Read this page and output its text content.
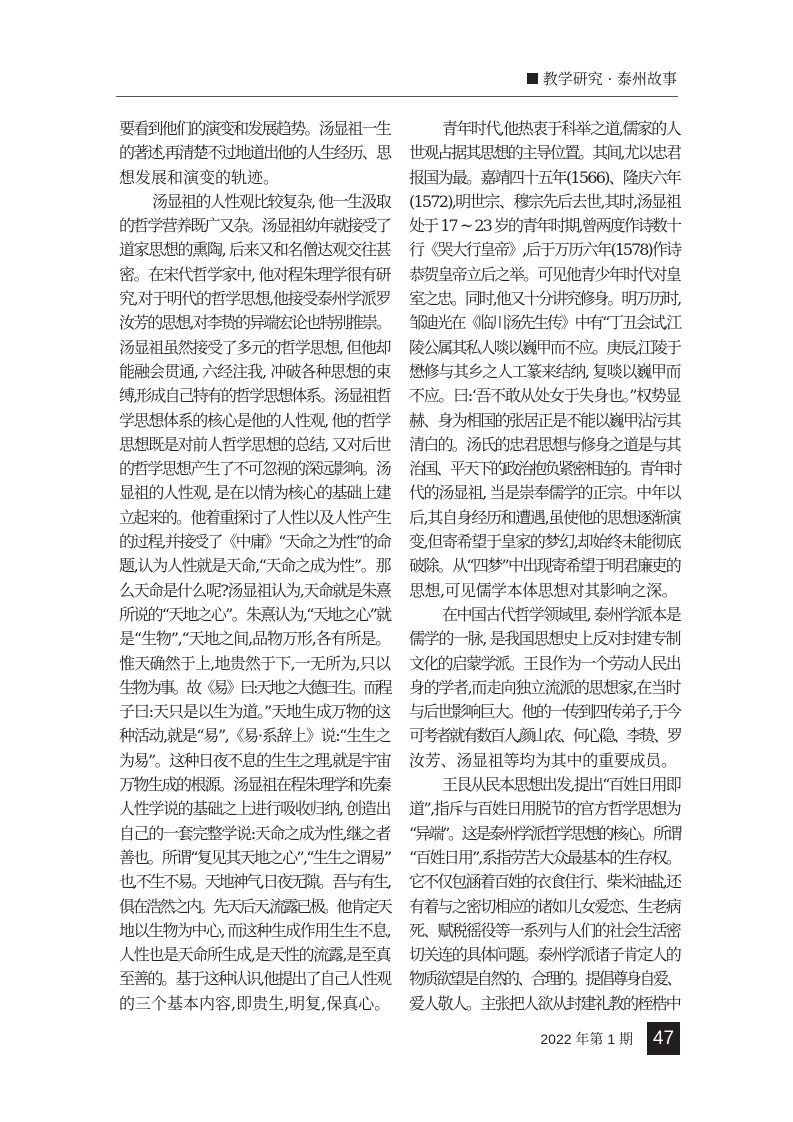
教学研究 · 泰州故事
要看到他们的演变和发展趋势。汤显祖一生
的著述,再清楚不过地道出他的人生经历、思
想发展和演变的轨迹。
汤显祖的人性观比较复杂, 他一生汲取
的哲学营养既广又杂。汤显祖幼年就接受了
道家思想的熏陶, 后来又和名僧达观交往甚
密。在宋代哲学家中, 他对程朱理学很有研
究,对于明代的哲学思想,他接受泰州学派罗
汝芳的思想,对李贽的异端宏论也特别推崇。
汤显祖虽然接受了多元的哲学思想, 但他却
能融会贯通, 六经注我, 冲破各种思想的束
缚,形成自己特有的哲学思想体系。汤显祖哲
学思想体系的核心是他的人性观, 他的哲学
思想既是对前人哲学思想的总结, 又对后世
的哲学思想产生了不可忽视的深远影响。汤
显祖的人性观, 是在以情为核心的基础上建
立起来的。他着重探讨了人性以及人性产生
的过程,并接受了《中庸》“天命之为性”的命
题,认为人性就是天命,“天命之成为性”。那
么天命是什么呢?汤显祖认为,天命就是朱熹
所说的“天地之心”。朱熹认为,“天地之心”就
是“生物”,“天地之间,品物万形,各有所是。
惟天确然于上,地贵然于下,一无所为,只以
生物为事。故《易》曰:天地之大德曰生。而程
子曰:天只是以生为道。”天地生成万物的这
种活动,就是“易”,《易·系辞上》说:“生生之
为易”。这种日夜不息的生生之理,就是宇宙
万物生成的根源。汤显祖在程朱理学和先秦
人性学说的基础之上进行吸收归纳, 创造出
自己的一套完整学说:天命之成为性,继之者
善也。所谓“复见其天地之心”,“生生之谓易”
也,不生不易。天地神气,日夜无隙。吾与有生,
俱在浩然之内。先天后天,流露已极。他肯定天
地以生物为中心, 而这种生成作用生生不息,
人性也是天命所生成,是天性的流露,是至真
至善的。基于这种认识,他提出了自己人性观
的三个基本内容,即贵生,明复,保真心。
青年时代,他热衷于科举之道,儒家的人
世观占据其思想的主导位置。其间,尤以忠君
报国为最。嘉靖四十五年(1566)、隆庆六年
(1572),明世宗、穆宗先后去世,其时,汤显祖
处于 17 ~ 23 岁的青年时期,曾两度作诗数十
行《哭大行皇帝》,后于万历六年(1578)作诗
恭贺皇帝立后之举。可见他青少年时代对皇
室之忠。同时,他又十分讲究修身。明万历时,
邹迪光在《临川汤先生传》中有“丁丑会试,江
陵公属其私人啖以巍甲而不应。庚辰,江陵于
懋修与其乡之人工篆来结纳, 复啖以巍甲而
不应。曰:‘吾不敢从处女于失身也。”权势显
赫、身为相国的张居正是不能以巍甲沾污其
清白的。汤氏的忠君思想与修身之道是与其
治国、平天下的政治抱负紧密相连的。青年时
代的汤显祖, 当是崇奉儒学的正宗。中年以
后,其自身经历和遭遇,虽使他的思想逐渐演
变,但寄希望于皇家的梦幻,却始终未能彻底
破除。从“四梦”中出现寄希望于明君廉吏的
思想,可见儒学本体思想对其影响之深。
在中国古代哲学领域里, 泰州学派本是
儒学的一脉, 是我国思想史上反对封建专制
文化的启蒙学派。王艮作为一个劳动人民出
身的学者,而走向独立流派的思想家,在当时
与后世影响巨大。他的一传到四传弟子,于今
可考者就有数百人,颜山农、何心隐、李贽、罗
汝芳、汤显祖等均为其中的重要成员。
王艮从民本思想出发,提出“百姓日用即
道”,指斥与百姓日用脱节的官方哲学思想为
“异端”。这是泰州学派哲学思想的核心。所谓
“百姓日用”,系指劳苦大众最基本的生存权。
它不仅包涵着百姓的衣食住行、柴米油盐,还
有着与之密切相应的诸如儿女爱恋、生老病
死、赋税徭役等一系列与人们的社会生活密
切关连的具体问题。泰州学派诸子肯定人的
物质欲望是自然的、合理的。提倡尊身自爱、
爱人敬人。主张把人欲从封建礼教的桎梏中
2022 年第 1 期	47
